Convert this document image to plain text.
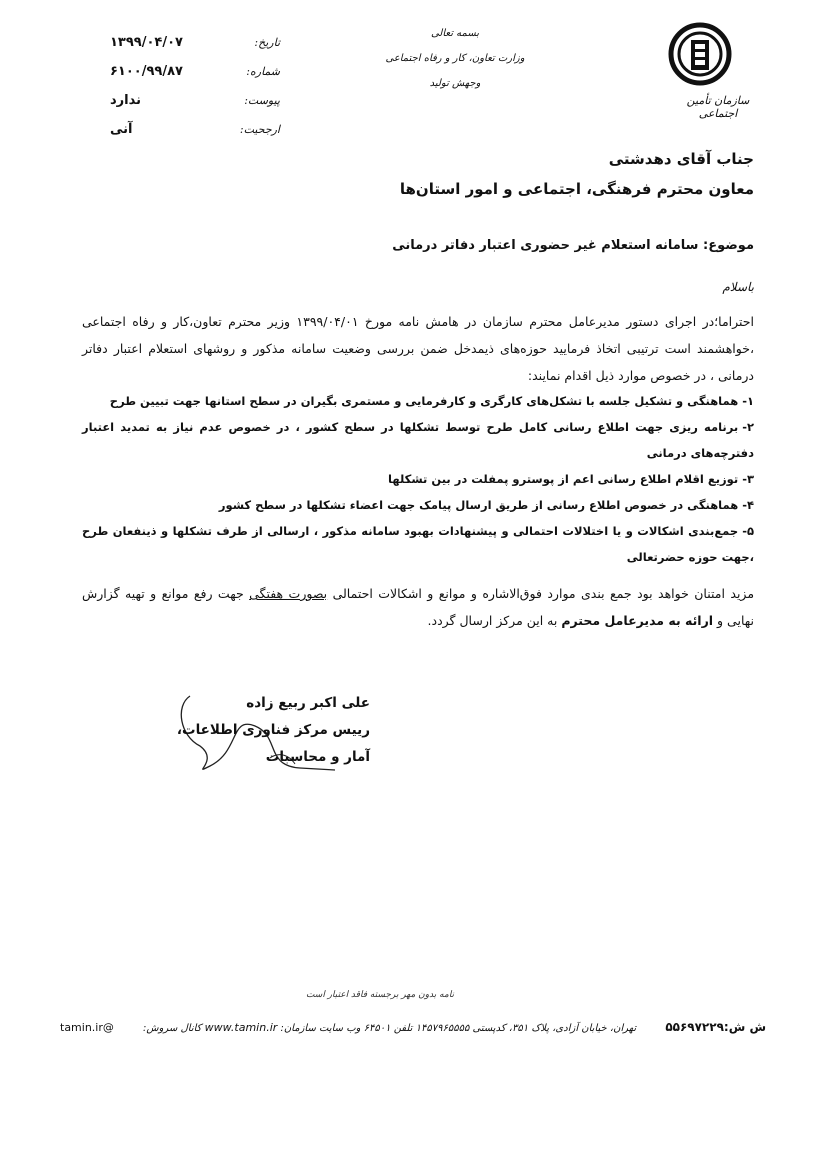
سازمان تأمین اجتماعی
بسمه تعالی
وزارت تعاون، کار و رفاه اجتماعی
و‌جهش تولید
تاریخ:
۱۳۹۹/۰۴/۰۷
شماره:
۶۱۰۰/۹۹/۸۷
پیوست:
ندارد
ارجحیت:
آنی
جناب آقای دهدشتی
معاون محترم فرهنگی، اجتماعی و امور استان‌ها
موضوع: سامانه استعلام غیر حضوری اعتبار دفاتر درمانی
باسلام
احتراما؛در اجرای دستور مدیرعامل محترم سازمان در هامش نامه مورخ ۱۳۹۹/۰۴/۰۱ وزیر محترم تعاون،کار و رفاه اجتماعی ،خواهشمند است ترتیبی اتخاذ فرمایید حوزه‌های ذیمدخل ضمن بررسی وضعیت سامانه مذکور و روشهای استعلام اعتبار دفاتر درمانی ، در خصوص موارد ذیل اقدام نمایند:
۱-هماهنگی و تشکیل جلسه با تشکل‌های کارگری و کارفرمایی و مستمری بگیران در سطح استانها جهت تبیین طرح
۲-برنامه ریزی جهت اطلاع رسانی کامل طرح توسط تشکلها در سطح کشور ، در خصوص عدم نیاز به تمدید اعتبار دفترچه‌های درمانی
۳-توزیع اقلام اطلاع رسانی اعم از پوسترو پمفلت در بین تشکلها
۴-هماهنگی در خصوص اطلاع رسانی از طریق ارسال پیامک جهت اعضاء تشکلها در سطح کشور
۵-جمع‌بندی اشکالات و یا اختلالات احتمالی و پیشنهادات بهبود سامانه مذکور ، ارسالی از طرف تشکلها و ذینفعان طرح ،جهت حوزه حضرتعالی
مزید امتنان خواهد بود جمع بندی موارد فوق‌الاشاره و موانع و اشکالات احتمالی بصورت هفتگی جهت رفع موانع و تهیه گزارش نهایی و ارائه به مدیرعامل محترم به این مرکز ارسال گردد.
علی اکبر ربیع زاده
رییس مرکز فناوری اطلاعات، آمار و محاسبات
نامه بدون مهر برجسته فاقد اعتبار است
ش ش:۵۵۶۹۷۲۲۹
تهران، خیابان آزادی، پلاک ۳۵۱، کدپستی ۱۴۵۷۹۶۵۵۵۵ تلفن ۶۴۵۰۱ وب سایت سازمان: www.tamin.ir کانال سروش:
@tamin.ir
